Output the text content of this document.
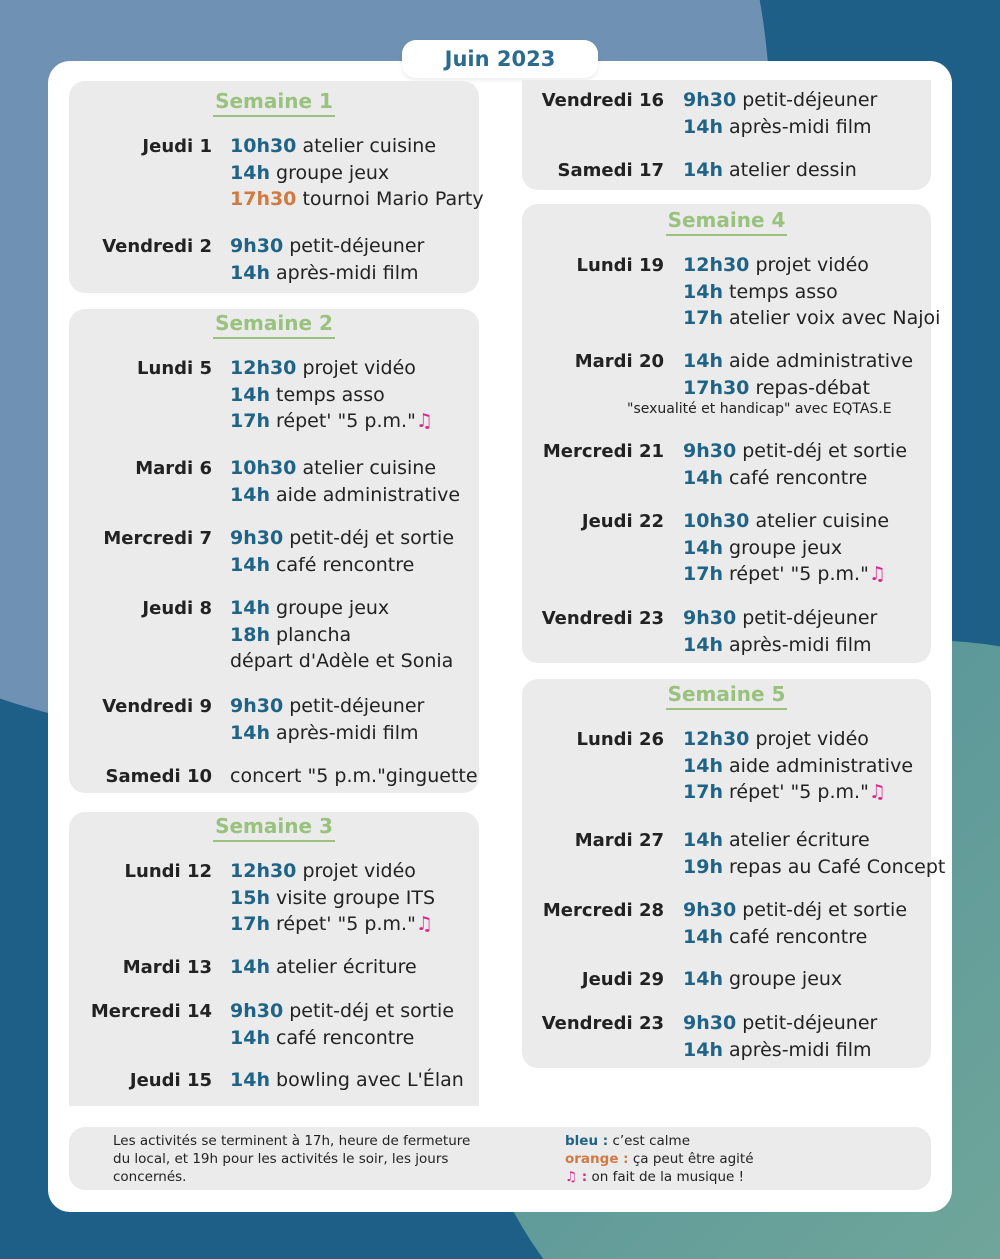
Juin 2023
Les activités se terminent à 17h, heure de fermeture
du local, et 19h pour les activités le soir, les jours
concernés.
bleu : c’est calme
orange : ça peut être agité
♫ : on fait de la musique !
Semaine 1
Jeudi 1 10h30 atelier cuisine
14h groupe jeux
17h30 tournoi Mario Party
Vendredi 2 9h30 petit-déjeuner
14h après-midi film
Semaine 2
Lundi 5 12h30 projet vidéo
14h temps asso
17h répet' "5 p.m."♫
Mardi 6 10h30 atelier cuisine
14h aide administrative
Mercredi 7 9h30 petit-déj et sortie
14h café rencontre
Jeudi 8 14h groupe jeux
18h plancha
départ d'Adèle et Sonia
Vendredi 9 9h30 petit-déjeuner
14h après-midi film
Samedi 10 concert "5 p.m."ginguette
Semaine 3
Lundi 12 12h30 projet vidéo
15h visite groupe ITS
17h répet' "5 p.m."♫
Mardi 13 14h atelier écriture
Mercredi 14 9h30 petit-déj et sortie
14h café rencontre
Jeudi 15 14h bowling avec L'Élan
Vendredi 16 9h30 petit-déjeuner
14h après-midi film
Samedi 17 14h atelier dessin
Semaine 4
Lundi 19 12h30 projet vidéo
14h temps asso
17h atelier voix avec Najoi
Mardi 20 14h aide administrative
17h30 repas-débat
"sexualité et handicap" avec EQTAS.E
Mercredi 21 9h30 petit-déj et sortie
14h café rencontre
Jeudi 22 10h30 atelier cuisine
14h groupe jeux
17h répet' "5 p.m."♫
Vendredi 23 9h30 petit-déjeuner
14h après-midi film
Semaine 5
Lundi 26 12h30 projet vidéo
14h aide administrative
17h répet' "5 p.m."♫
Mardi 27 14h atelier écriture
19h repas au Café Concept
Mercredi 28 9h30 petit-déj et sortie
14h café rencontre
Jeudi 29 14h groupe jeux
Vendredi 23 9h30 petit-déjeuner
14h après-midi film
